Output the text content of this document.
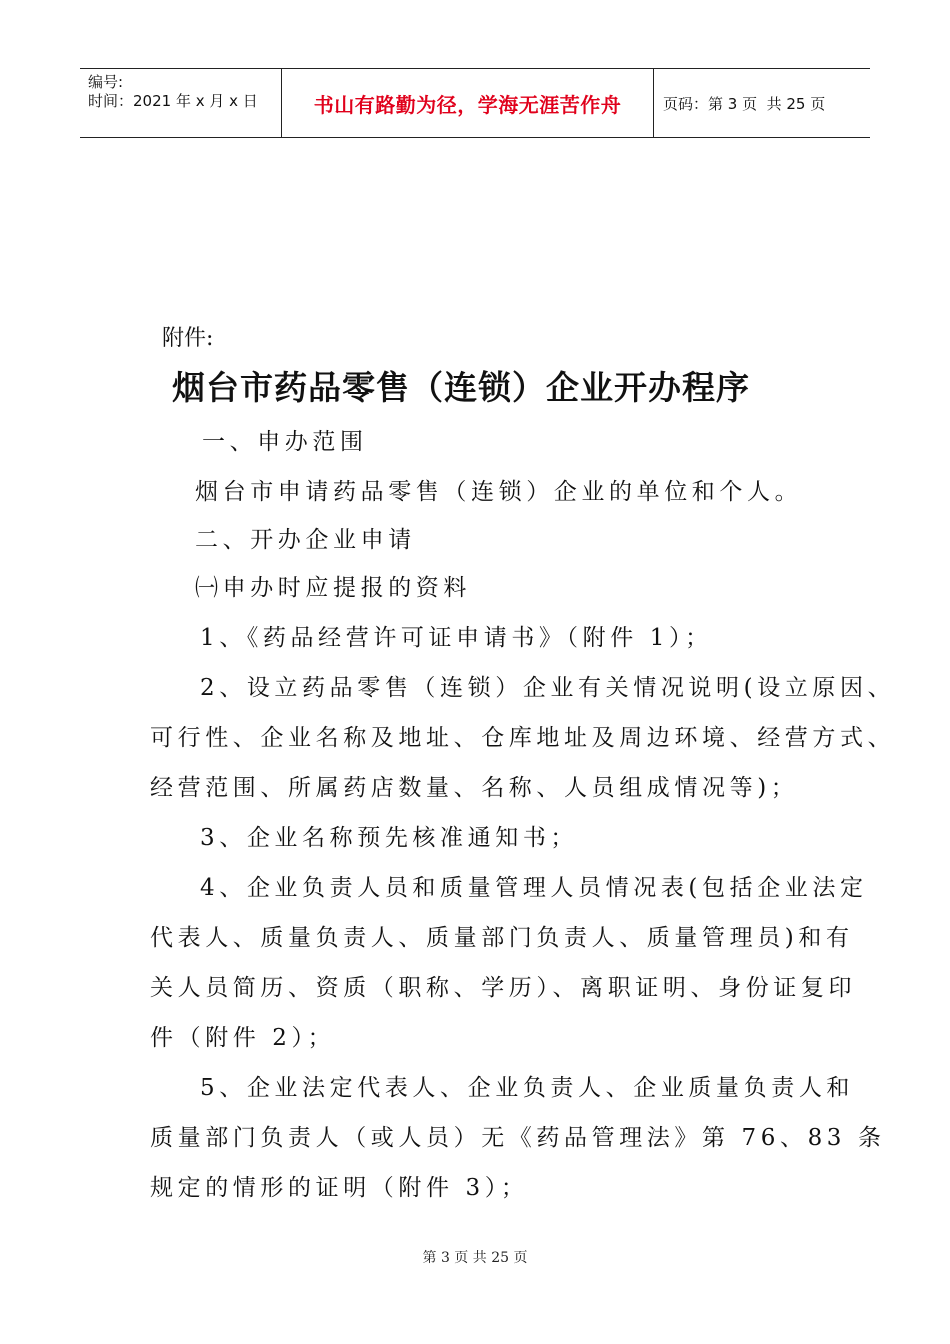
编号:
时间：2021 年 x 月 x 日	书山有路勤为径，学海无涯苦作舟	页码：第 3 页  共 25 页
附件:
烟台市药品零售（连锁）企业开办程序
一、申办范围
烟台市申请药品零售（连锁）企业的单位和个人。
二、开办企业申请
㈠申办时应提报的资料
1、《药品经营许可证申请书》（附件 1）；
2、设立药品零售（连锁）企业有关情况说明(设立原因、
可行性、企业名称及地址、仓库地址及周边环境、经营方式、
经营范围、所属药店数量、名称、人员组成情况等)；
3、企业名称预先核准通知书；
4、企业负责人员和质量管理人员情况表(包括企业法定
代表人、质量负责人、质量部门负责人、质量管理员)和有
关人员简历、资质（职称、学历）、离职证明、身份证复印
件（附件 2）；
5、企业法定代表人、企业负责人、企业质量负责人和
质量部门负责人（或人员）无《药品管理法》第 76、83 条
规定的情形的证明（附件 3）；
第 3 页 共 25 页
